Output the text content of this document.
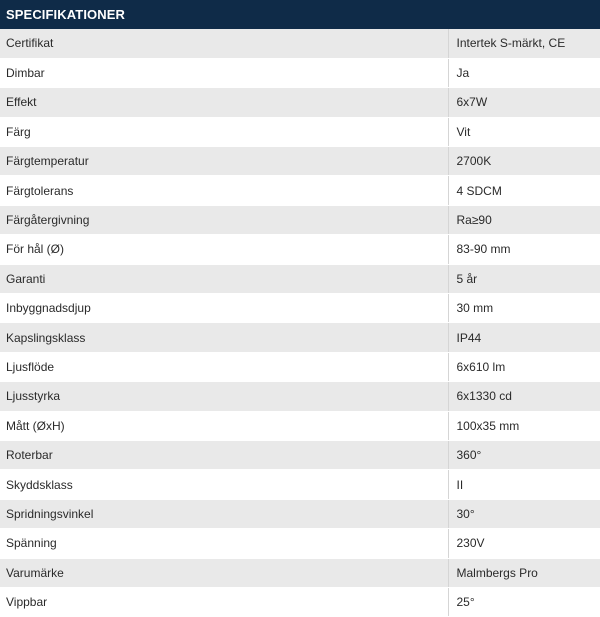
SPECIFIKATIONER
Certifikat	Intertek S-märkt, CE
Dimbar	Ja
Effekt	6x7W
Färg	Vit
Färgtemperatur	2700K
Färgtolerans	4 SDCM
Färgåtergivning	Ra≥90
För hål (Ø)	83-90 mm
Garanti	5 år
Inbyggnadsdjup	30 mm
Kapslingsklass	IP44
Ljusflöde	6x610 lm
Ljusstyrka	6x1330 cd
Mått (ØxH)	100x35 mm
Roterbar	360°
Skyddsklass	II
Spridningsvinkel	30°
Spänning	230V
Varumärke	Malmbergs Pro
Vippbar	25°
